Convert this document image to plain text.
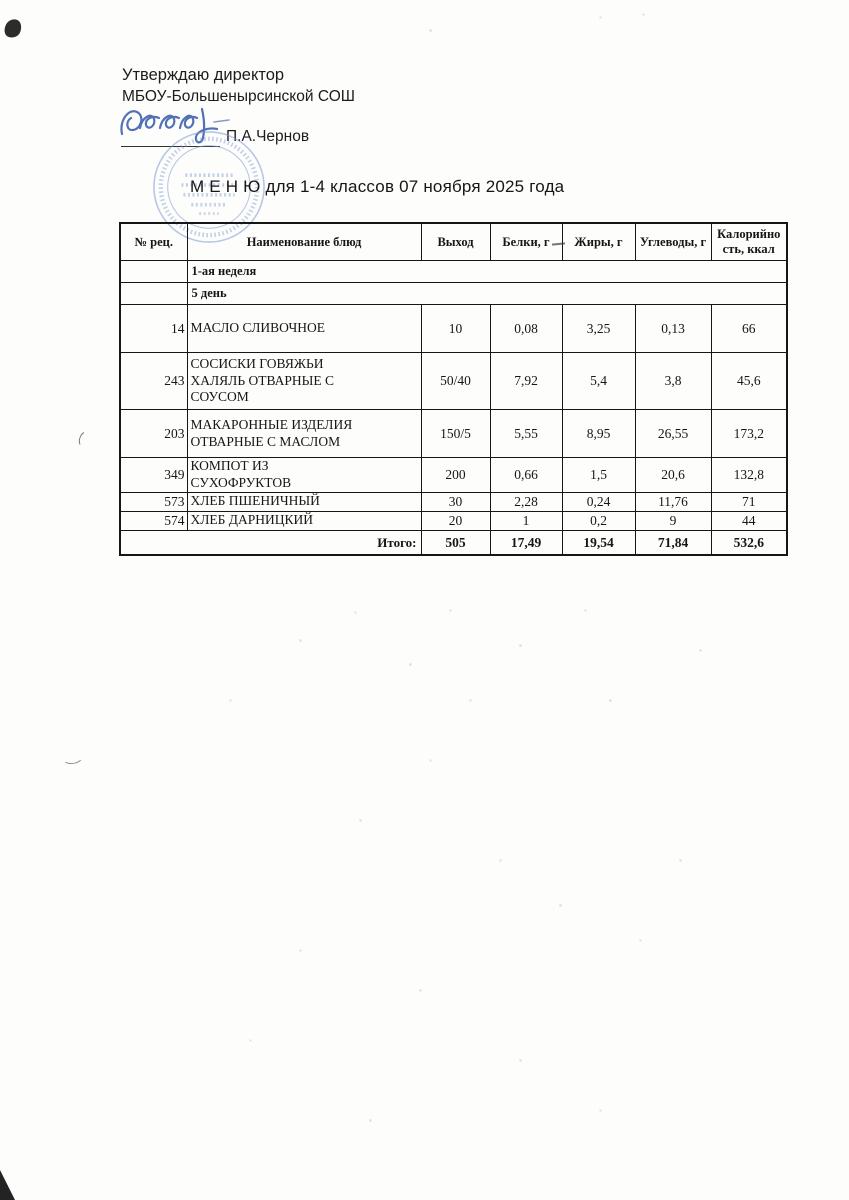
Утверждаю директор
МБОУ-Большенырсинской СОШ
П.А.Чернов
М Е Н Ю для 1-4 классов 07 ноября 2025 года
№ рец.	Наименование блюд	Выход	Белки, г	Жиры, г	Углеводы, г	Калорийно сть, ккал
	1-ая неделя					
	5 день					
14	МАСЛО СЛИВОЧНОЕ	10	0,08	3,25	0,13	66
243	СОСИСКИ ГОВЯЖЬИ ХАЛЯЛЬ ОТВАРНЫЕ С СОУСОМ	50/40	7,92	5,4	3,8	45,6
203	МАКАРОННЫЕ ИЗДЕЛИЯ ОТВАРНЫЕ С МАСЛОМ	150/5	5,55	8,95	26,55	173,2
349	КОМПОТ ИЗ СУХОФРУКТОВ	200	0,66	1,5	20,6	132,8
573	ХЛЕБ ПШЕНИЧНЫЙ	30	2,28	0,24	11,76	71
574	ХЛЕБ ДАРНИЦКИЙ	20	1	0,2	9	44
Итого:		505	17,49	19,54	71,84	532,6
